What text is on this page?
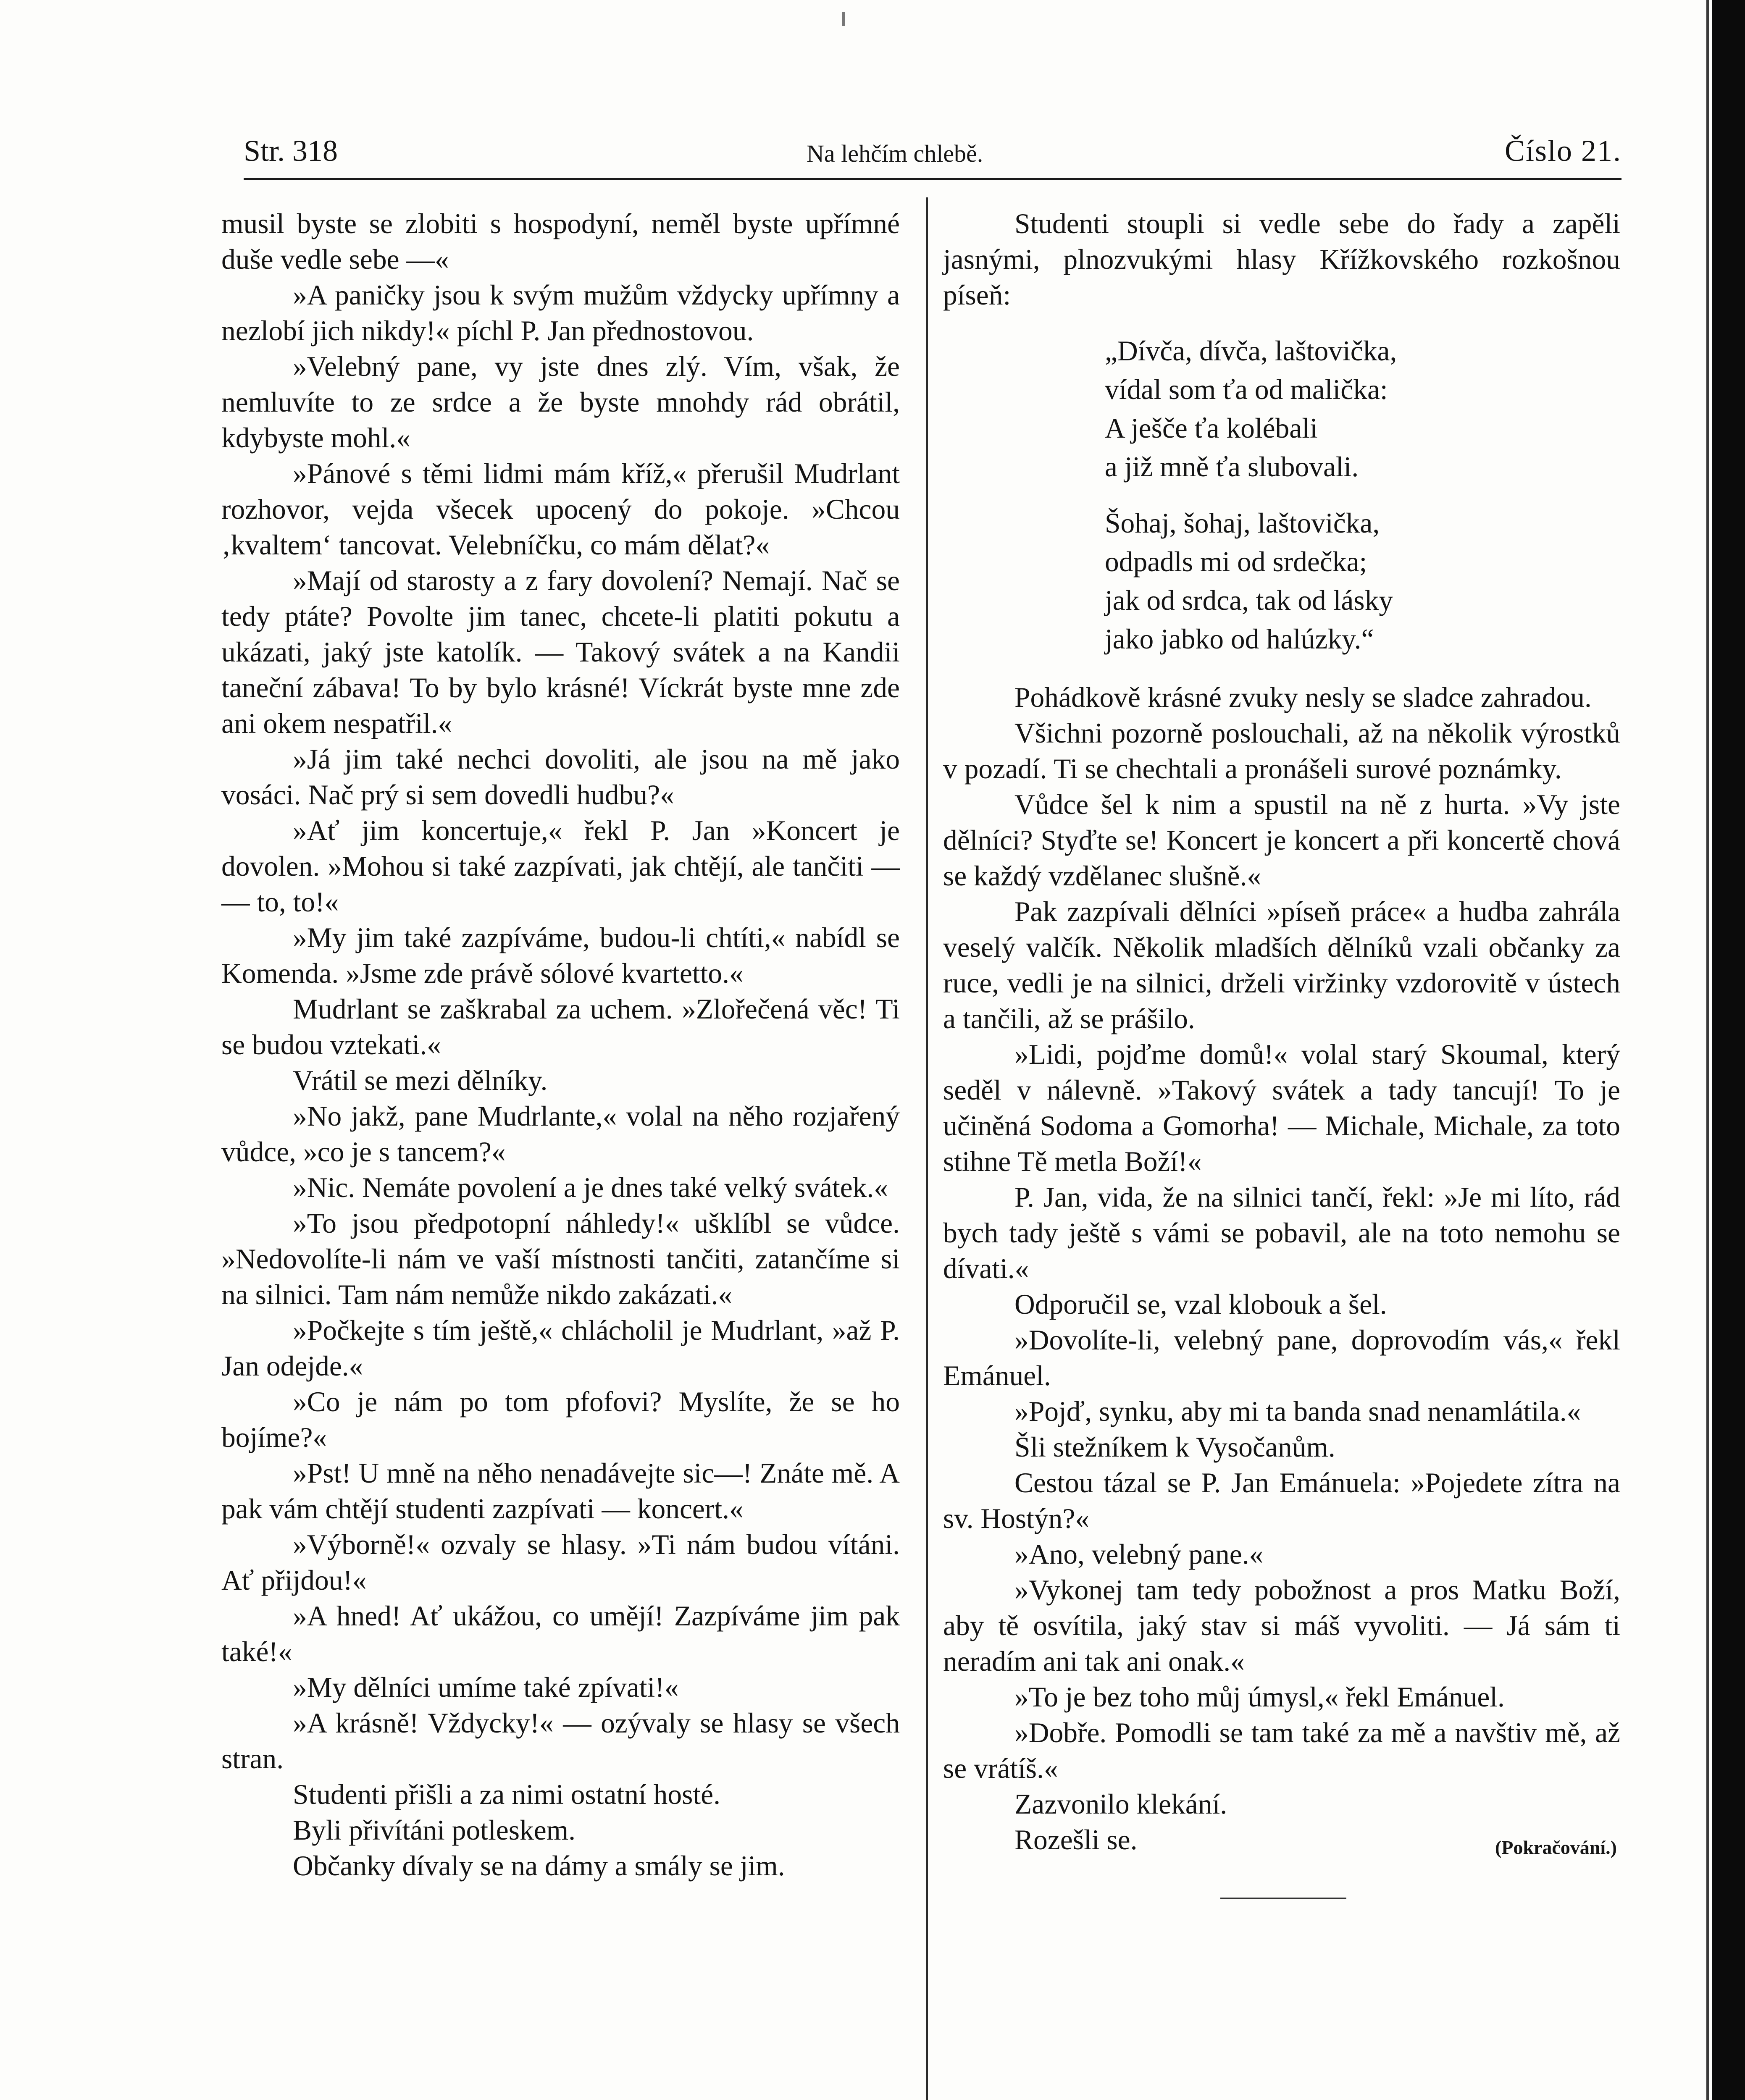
Str. 318	Na lehčím chlebě.	Číslo 21.

musil byste se zlobiti s hospodyní, neměl byste upřímné duše vedle sebe —«

»A paničky jsou k svým mužům vždycky upřímny a nezlobí jich nikdy!« píchl P. Jan přednostovou.

»Velebný pane, vy jste dnes zlý. Vím, však, že nemluvíte to ze srdce a že byste mnohdy rád obrátil, kdybyste mohl.«

»Pánové s těmi lidmi mám kříž,« přerušil Mudrlant rozhovor, vejda všecek upocený do pokoje. »Chcou ‚kvaltem‘ tancovat. Velebníčku, co mám dělat?«

»Mají od starosty a z fary dovolení? Nemají. Nač se tedy ptáte? Povolte jim tanec, chcete-li platiti pokutu a ukázati, jaký jste katolík. — Takový svátek a na Kandii taneční zábava! To by bylo krásné! Víckrát byste mne zde ani okem nespatřil.«

»Já jim také nechci dovoliti, ale jsou na mě jako vosáci. Nač prý si sem dovedli hudbu?«

»Ať jim koncertuje,« řekl P. Jan »Koncert je dovolen. »Mohou si také zazpívati, jak chtějí, ale tančiti — — to, to!«

»My jim také zazpíváme, budou-li chtíti,« nabídl se Komenda. »Jsme zde právě sólové kvartetto.«

Mudrlant se zaškrabal za uchem. »Zlořečená věc! Ti se budou vztekati.«

Vrátil se mezi dělníky.

»No jakž, pane Mudrlante,« volal na něho rozjařený vůdce, »co je s tancem?«

»Nic. Nemáte povolení a je dnes také velký svátek.«

»To jsou předpotopní náhledy!« ušklíbl se vůdce. »Nedovolíte-li nám ve vaší místnosti tančiti, zatančíme si na silnici. Tam nám nemůže nikdo zakázati.«

»Počkejte s tím ještě,« chlácholil je Mudrlant, »až P. Jan odejde.«

»Co je nám po tom pfofovi? Myslíte, že se ho bojíme?«

»Pst! U mně na něho nenadávejte sic—! Znáte mě. A pak vám chtějí studenti zazpívati — koncert.«

»Výborně!« ozvaly se hlasy. »Ti nám budou vítáni. Ať přijdou!«

»A hned! Ať ukážou, co umějí! Zazpíváme jim pak také!«

»My dělníci umíme také zpívati!«

»A krásně! Vždycky!« — ozývaly se hlasy se všech stran.

Studenti přišli a za nimi ostatní hosté.

Byli přivítáni potleskem.

Občanky dívaly se na dámy a smály se jim.

Studenti stoupli si vedle sebe do řady a zapěli jasnými, plnozvukými hlasy Křížkovského rozkošnou píseň:

„Dívča, dívča, laštovička,
vídal som ťa od malička:
A ješče ťa kolébali
a již mně ťa slubovali.
Šohaj, šohaj, laštovička,
odpadls mi od srdečka;
jak od srdca, tak od lásky
jako jabko od halúzky.“

Pohádkově krásné zvuky nesly se sladce zahradou.

Všichni pozorně poslouchali, až na několik výrostků v pozadí. Ti se chechtali a pronášeli surové poznámky.

Vůdce šel k nim a spustil na ně z hurta. »Vy jste dělníci? Styďte se! Koncert je koncert a při koncertě chová se každý vzdělanec slušně.«

Pak zazpívali dělníci »píseň práce« a hudba zahrála veselý valčík. Několik mladších dělníků vzali občanky za ruce, vedli je na silnici, drželi viržinky vzdorovitě v ústech a tančili, až se prášilo.

»Lidi, pojďme domů!« volal starý Skoumal, který seděl v nálevně. »Takový svátek a tady tancují! To je učiněná Sodoma a Gomorha! — Michale, Michale, za toto stihne Tě metla Boží!«

P. Jan, vida, že na silnici tančí, řekl: »Je mi líto, rád bych tady ještě s vámi se pobavil, ale na toto nemohu se dívati.«

Odporučil se, vzal klobouk a šel.

»Dovolíte-li, velebný pane, doprovodím vás,« řekl Emánuel.

»Pojď, synku, aby mi ta banda snad nenamlátila.«

Šli stežníkem k Vysočanům.

Cestou tázal se P. Jan Emánuela: »Pojedete zítra na sv. Hostýn?«

»Ano, velebný pane.«

»Vykonej tam tedy pobožnost a pros Matku Boží, aby tě osvítila, jaký stav si máš vyvoliti. — Já sám ti neradím ani tak ani onak.«

»To je bez toho můj úmysl,« řekl Emánuel.

»Dobře. Pomodli se tam také za mě a navštiv mě, až se vrátíš.«

Zazvonilo klekání.

Rozešli se.	(Pokračování.)
